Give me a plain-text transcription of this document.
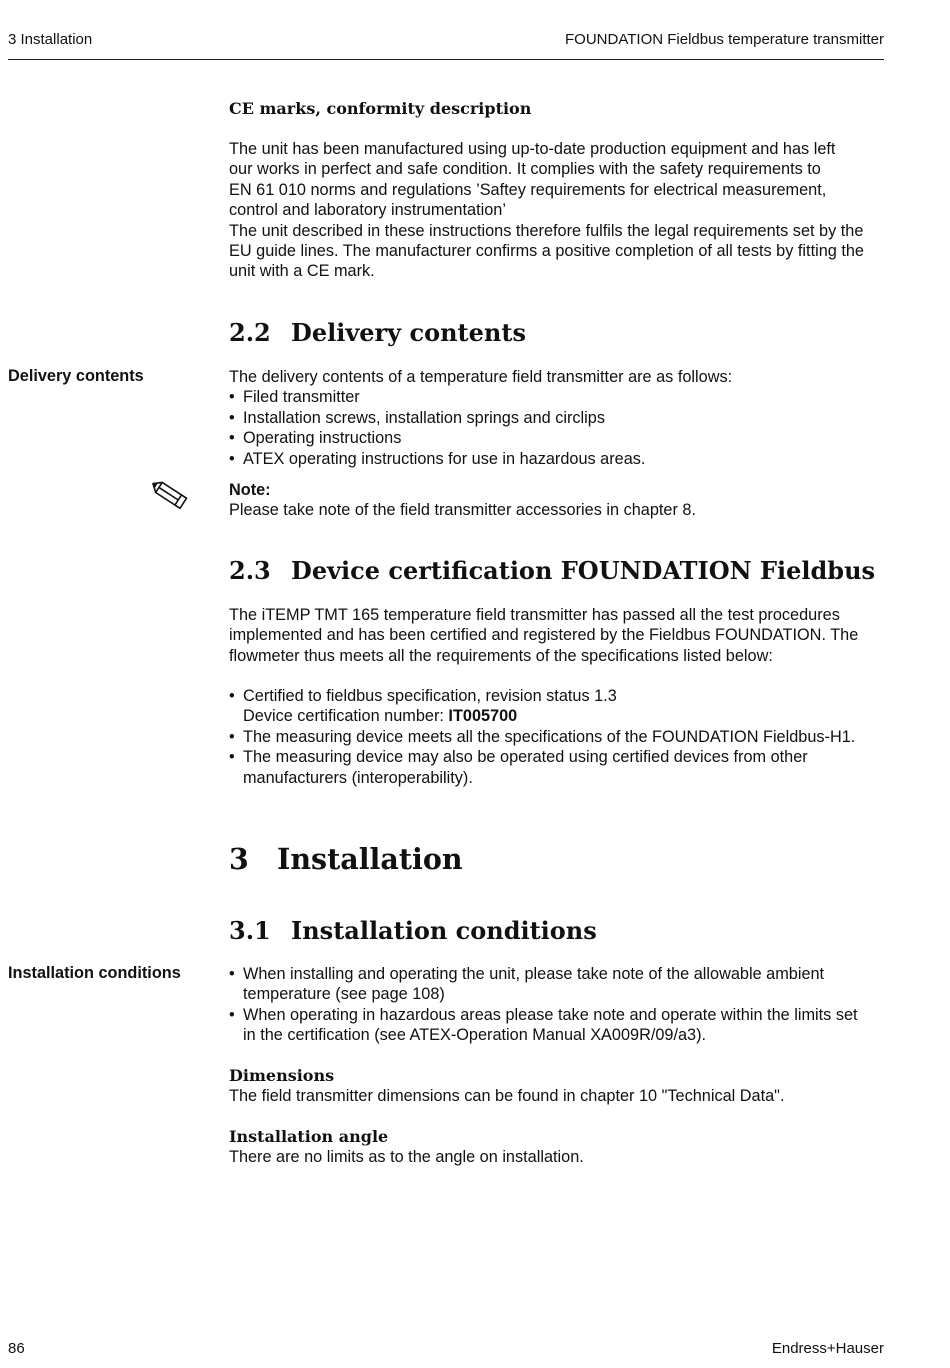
3 Installation	FOUNDATION Fieldbus temperature transmitter
CE marks, conformity description

The unit has been manufactured using up-to-date production equipment and has left

our works in perfect and safe condition. It complies with the safety requirements to

EN 61 010 norms and regulations ’Saftey requirements for electrical measurement,

control and laboratory instrumentation’

The unit described in these instructions therefore fulfils the legal requirements set by the

EU guide lines. The manufacturer confirms a positive completion of all tests by fitting the

unit with a CE mark.

2.2 Delivery contents
Delivery contents	The delivery contents of a temperature field transmitter are as follows:

• Filed transmitter
• Installation screws, installation springs and circlips
• Operating instructions
• ATEX operating instructions for use in hazardous areas.

Note:

Please take note of the field transmitter accessories in chapter 8.

2.3 Device certification FOUNDATION Fieldbus

The iTEMP TMT 165 temperature field transmitter has passed all the test procedures

implemented and has been certified and registered by the Fieldbus FOUNDATION. The

flowmeter thus meets all the requirements of the specifications listed below:

• Certified to fieldbus specification, revision status 1.3
Device certification number: IT005700
• The measuring device meets all the specifications of the FOUNDATION Fieldbus-H1.
• The measuring device may also be operated using certified devices from other
manufacturers (interoperability).
3 Installation
3.1 Installation conditions
Installation conditions
•	When installing and operating the unit, please take note of the allowable ambient
temperature (see page 108)
• When operating in hazardous areas please take note and operate within the limits set
in the certification (see ATEX-Operation Manual XA009R/09/a3).
Dimensions
The field transmitter dimensions can be found in chapter 10 "Technical Data".
Installation angle
There are no limits as to the angle on installation.
86	Endress+Hauser
